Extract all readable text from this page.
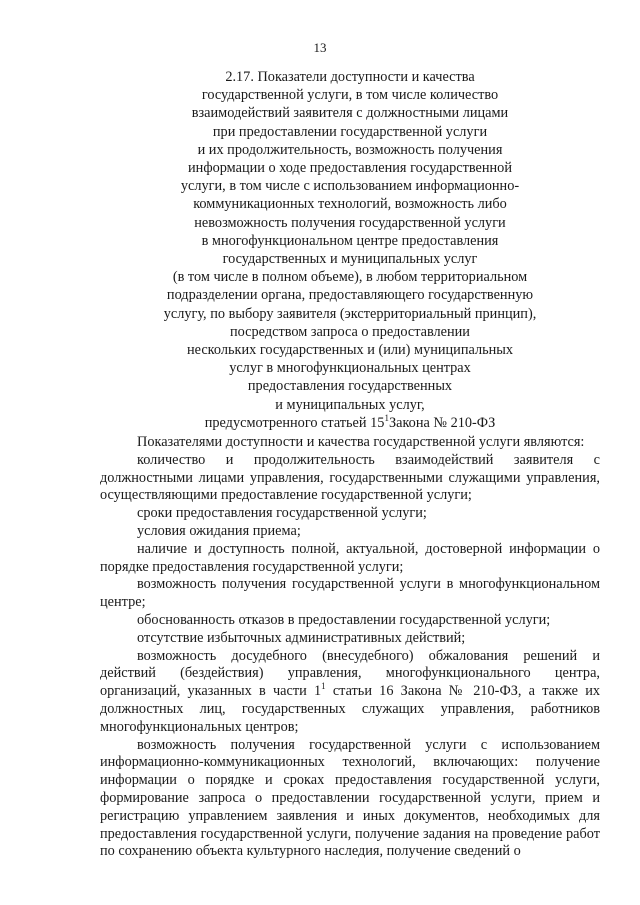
13
2.17. Показатели доступности и качества
государственной услуги, в том числе количество
взаимодействий заявителя с должностными лицами
при предоставлении государственной услуги
и их продолжительность, возможность получения
информации о ходе предоставления государственной
услуги, в том числе с использованием информационно-
коммуникационных технологий, возможность либо
невозможность получения государственной услуги
в многофункциональном центре предоставления
государственных и муниципальных услуг
(в том числе в полном объеме), в любом территориальном
подразделении органа, предоставляющего государственную
услугу, по выбору заявителя (экстерриториальный принцип),
посредством запроса о предоставлении
нескольких государственных и (или) муниципальных
услуг в многофункциональных центрах
предоставления государственных
и муниципальных услуг,
предусмотренного статьей $15^1Закона$ № 210-ФЗ

Показателями доступности и качества государственной услуги являются:

количество и продолжительность взаимодействий заявителя с должностными лицами управления, государственными служащими управления, осуществляющими предоставление государственной услуги;

сроки предоставления государственной услуги;

условия ожидания приема;

наличие и доступность полной, актуальной, достоверной информации о порядке предоставления государственной услуги;

возможность получения государственной услуги в многофункциональном центре;

обоснованность отказов в предоставлении государственной услуги;

отсутствие избыточных административных действий;

возможность досудебного (внесудебного) обжалования решений и действий (бездействия) управления, многофункционального центра, организаций, указанных в части $1^1$ статьи 16 Закона № 210-ФЗ, а также их должностных лиц, государственных служащих управления, работников многофункциональных центров;

возможность получения государственной услуги с использованием информационно-коммуникационных технологий, включающих: получение информации о порядке и сроках предоставления государственной услуги, формирование запроса о предоставлении государственной услуги, прием и регистрацию управлением заявления и иных документов, необходимых для предоставления государственной услуги, получение задания на проведение работ по сохранению объекта культурного наследия, получение сведений о
